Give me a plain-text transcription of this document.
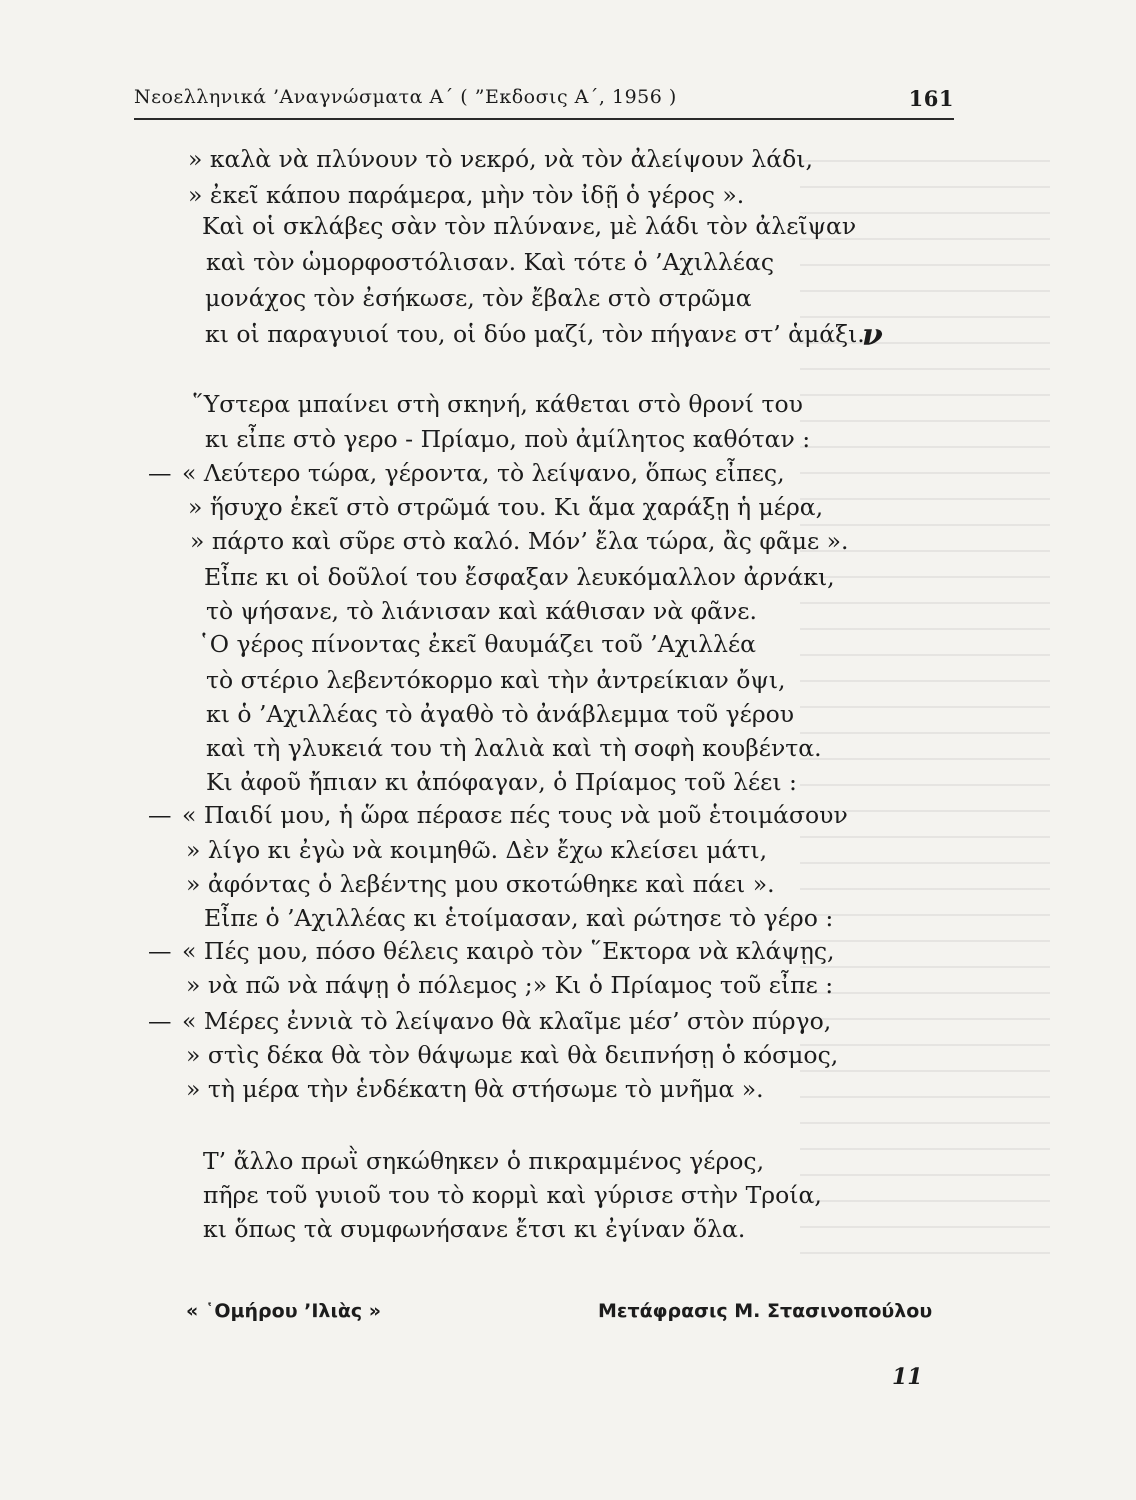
Νεοελληνικά ’Αναγνώσματα Α΄ ( ”Εκδοσις Α΄, 1956 )	161
» καλὰ νὰ πλύνουν τὸ νεκρό, νὰ τὸν ἀλείψουν λάδι,
» ἐκεῖ κάπου παράμερα, μὴν τὸν ἰδῇ ὁ γέρος ».
Καὶ οἱ σκλάβες σὰν τὸν πλύνανε, μὲ λάδι τὸν ἀλεῖψαν
καὶ τὸν ὡμορφοστόλισαν. Καὶ τότε ὁ ’Αχιλλέας
μονάχος τὸν ἐσήκωσε, τὸν ἔβαλε στὸ στρῶμα
κι οἱ παραγυιοί του, οἱ δύο μαζί, τὸν πήγανε στ’ ἁμάξι.
ν
῞Υστερα μπαίνει στὴ σκηνή, κάθεται στὸ θρονί του
κι εἶπε στὸ γερο - Πρίαμο, ποὺ ἀμίλητος καθόταν :
— « Λεύτερο τώρα, γέροντα, τὸ λείψανο, ὅπως εἶπες,
» ἥσυχο ἐκεῖ στὸ στρῶμά του. Κι ἅμα χαράξῃ ἡ μέρα,
» πάρτο καὶ σῦρε στὸ καλό. Μόν’ ἔλα τώρα, ἂς φᾶμε ».
Εἶπε κι οἱ δοῦλοί του ἔσφαξαν λευκόμαλλον ἀρνάκι,
τὸ ψήσανε, τὸ λιάνισαν καὶ κάθισαν νὰ φᾶνε.
῾Ο γέρος πίνοντας ἐκεῖ θαυμάζει τοῦ ’Αχιλλέα
τὸ στέριο λεβεντόκορμο καὶ τὴν ἀντρείκιαν ὄψι,
κι ὁ ’Αχιλλέας τὸ ἀγαθὸ τὸ ἀνάβλεμμα τοῦ γέρου
καὶ τὴ γλυκειά του τὴ λαλιὰ καὶ τὴ σοφὴ κουβέντα.
Κι ἀφοῦ ἤπιαν κι ἀπόφαγαν, ὁ Πρίαμος τοῦ λέει :
— « Παιδί μου, ἡ ὥρα πέρασε πές τους νὰ μοῦ ἑτοιμάσουν
» λίγο κι ἐγὼ νὰ κοιμηθῶ. Δὲν ἔχω κλείσει μάτι,
» ἀφόντας ὁ λεβέντης μου σκοτώθηκε καὶ πάει ».
Εἶπε ὁ ’Αχιλλέας κι ἑτοίμασαν, καὶ ρώτησε τὸ γέρο :
— « Πές μου, πόσο θέλεις καιρὸ τὸν ῞Εκτορα νὰ κλάψῃς,
» νὰ πῶ νὰ πάψῃ ὁ πόλεμος ;» Κι ὁ Πρίαμος τοῦ εἶπε :
— « Μέρες ἐννιὰ τὸ λείψανο θὰ κλαῖμε μέσ’ στὸν πύργο,
» στὶς δέκα θὰ τὸν θάψωμε καὶ θὰ δειπνήσῃ ὁ κόσμος,
» τὴ μέρα τὴν ἑνδέκατη θὰ στήσωμε τὸ μνῆμα ».
Τ’ ἄλλο πρωῒ σηκώθηκεν ὁ πικραμμένος γέρος,
πῆρε τοῦ γυιοῦ του τὸ κορμὶ καὶ γύρισε στὴν Τροία,
κι ὅπως τὰ συμφωνήσανε ἔτσι κι ἐγίναν ὅλα.
« ῾Ομήρου ’Ιλιὰς »	Μετάφρασις Μ. Στασινοπούλου
11
